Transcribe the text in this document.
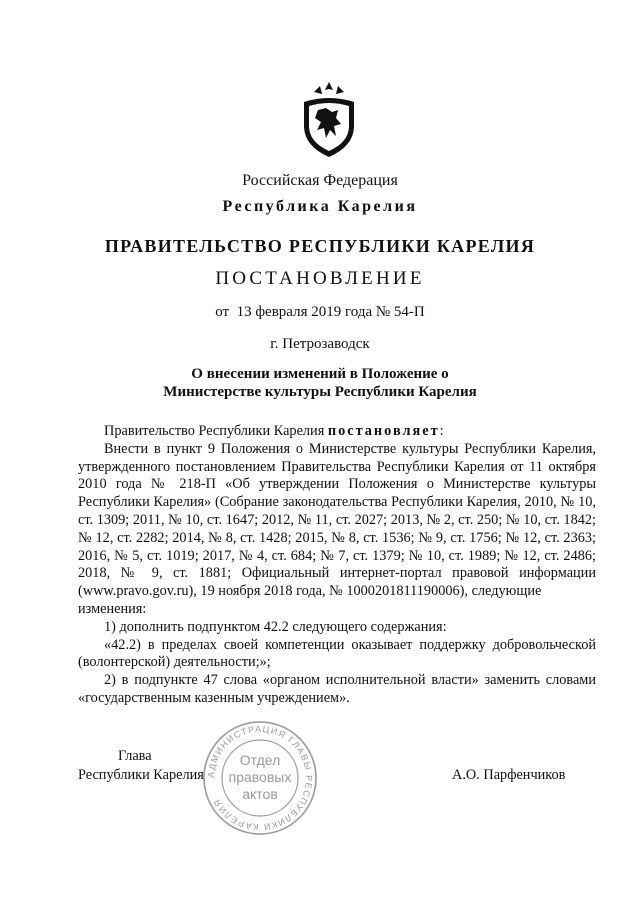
Российская Федерация
Республика Карелия
ПРАВИТЕЛЬСТВО РЕСПУБЛИКИ КАРЕЛИЯ
ПОСТАНОВЛЕНИЕ
от  13 февраля 2019 года № 54-П
г. Петрозаводск
О внесении изменений в Положение о Министерстве культуры Республики Карелия

Правительство Республики Карелия постановляет:

Внести в пункт 9 Положения о Министерстве культуры Республики Карелия, утвержденного постановлением Правительства Республики Карелия от 11 октября 2010 года № 218-П «Об утверждении Положения о Министерстве культуры Республики Карелия» (Собрание законодательства Республики Карелия, 2010, № 10, ст. 1309; 2011, № 10, ст. 1647; 2012, № 11, ст. 2027; 2013, № 2, ст. 250; № 10, ст. 1842; № 12, ст. 2282; 2014, № 8, ст. 1428; 2015, № 8, ст. 1536; № 9, ст. 1756; № 12, ст. 2363; 2016, № 5, ст. 1019; 2017, № 4, ст. 684; № 7, ст. 1379; № 10, ст. 1989; № 12, ст. 2486; 2018, № 9, ст. 1881; Официальный интернет-портал правовой информации (www.pravo.gov.ru), 19 ноября 2018 года, № 1000201811190006), следующие

изменения:

1) дополнить подпунктом 42.2 следующего содержания:

«42.2) в пределах своей компетенции оказывает поддержку добровольческой (волонтерской) деятельности;»;

2) в подпункте 47 слова «органом исполнительной власти» заменить словами «государственным казенным учреждением».

Глава
Республики Карелия	А.О. Парфенчиков
АДМИНИСТРАЦИЯ ГЛАВЫ РЕСПУБЛИКИ КАРЕЛИЯ
Отдел
правовых
актов
